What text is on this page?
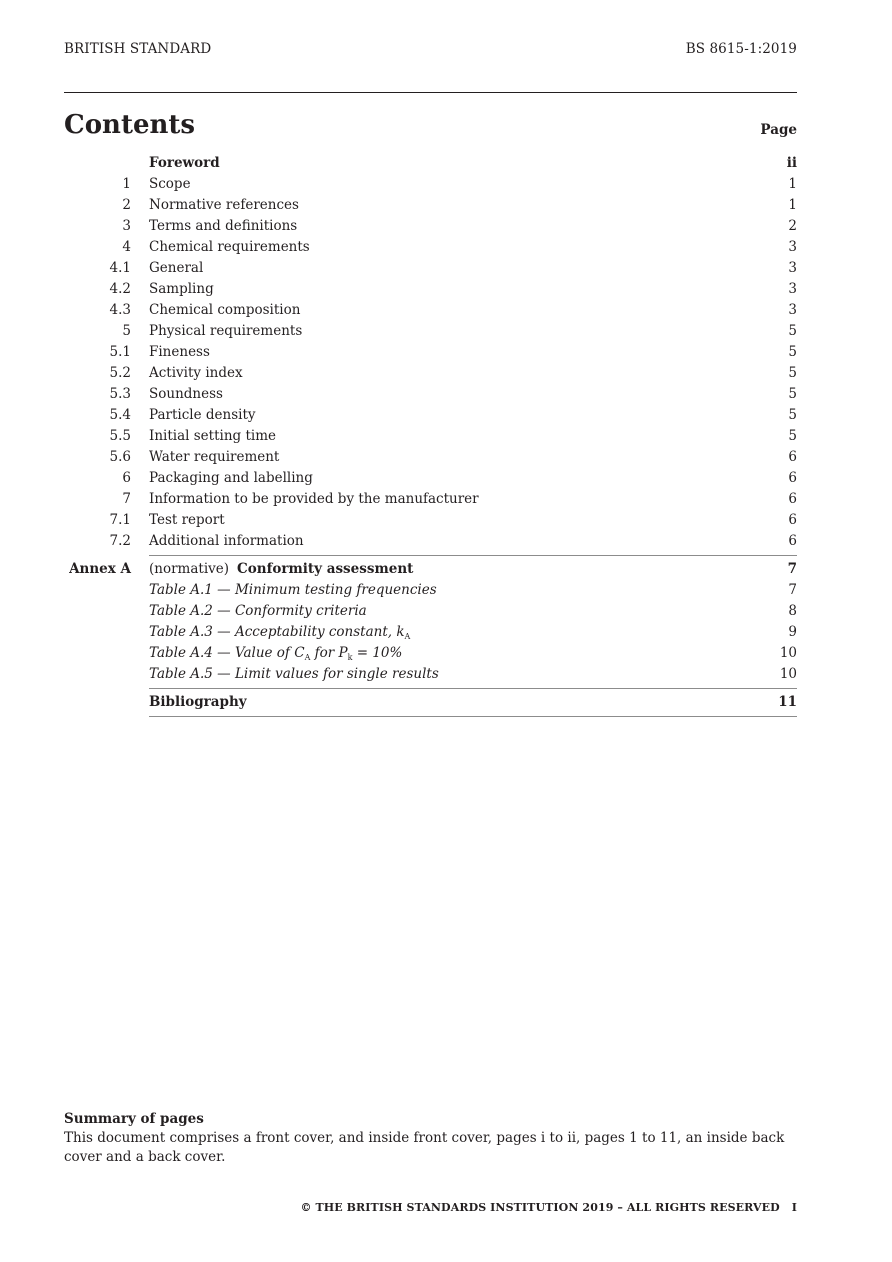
BRITISH STANDARD	BS 8615-1:2019
Contents	Page
Foreword	ii
1 Scope	1
2 Normative references	1
3 Terms and definitions	2
4 Chemical requirements	3
4.1 General	3
4.2 Sampling	3
4.3 Chemical composition	3
5 Physical requirements	5
5.1 Fineness	5
5.2 Activity index	5
5.3 Soundness	5
5.4 Particle density	5
5.5 Initial setting time	5
5.6 Water requirement	6
6 Packaging and labelling	6
7 Information to be provided by the manufacturer	6
7.1 Test report	6
7.2 Additional information	6
Annex A (normative) Conformity assessment	7
Table A.1 — Minimum testing frequencies	7
Table A.2 — Conformity criteria	8
Table A.3 — Acceptability constant, $k_A$	9
Table A.4 — Value of $C_A$ for $P_k = 10\%$	10
Table A.5 — Limit values for single results	10
Bibliography	11
Summary of pages
This document comprises a front cover, and inside front cover, pages i to ii, pages 1 to 11, an inside back cover and a back cover.
© THE BRITISH STANDARDS INSTITUTION 2019 – ALL RIGHTS RESERVED I
